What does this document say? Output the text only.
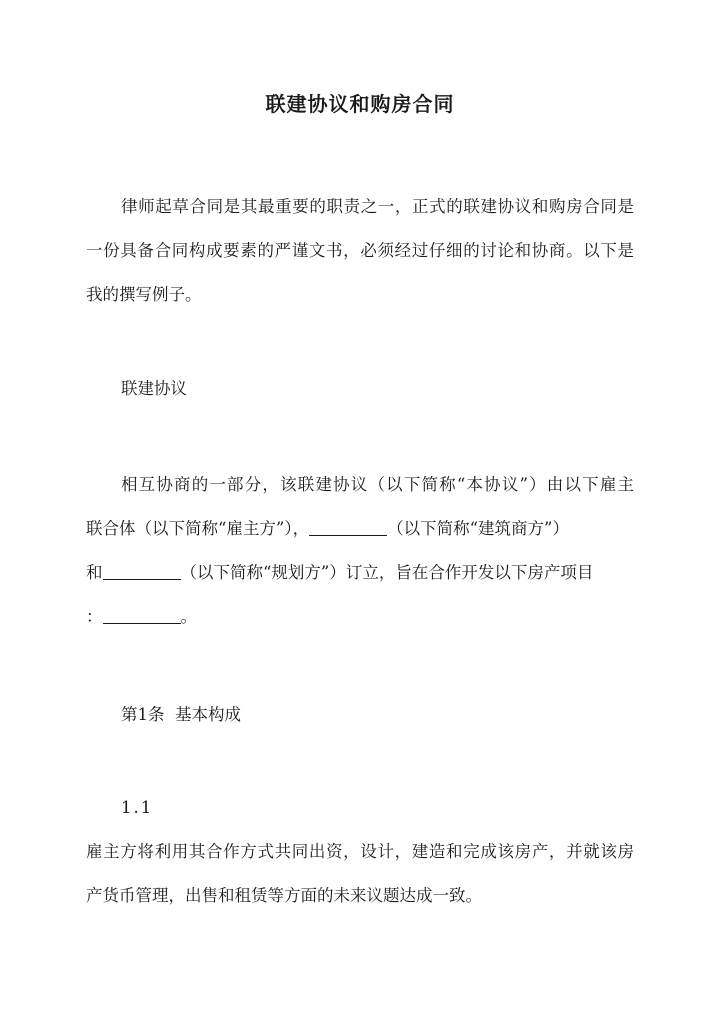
联建协议和购房合同
律师起草合同是其最重要的职责之一，正式的联建协议和购房合同是
一份具备合同构成要素的严谨文书，必须经过仔细的讨论和协商。以下是
我的撰写例子。
联建协议
相互协商的一部分，该联建协议（以下简称“本协议”）由以下雇主
联合体（以下简称“雇主方”），	（以下简称“建筑商方”）
和	（以下简称“规划方”）订立，旨在合作开发以下房产项目
：	。
第1条  基本构成
1.1
雇主方将利用其合作方式共同出资，设计，建造和完成该房产，并就该房
产货币管理，出售和租赁等方面的未来议题达成一致。
